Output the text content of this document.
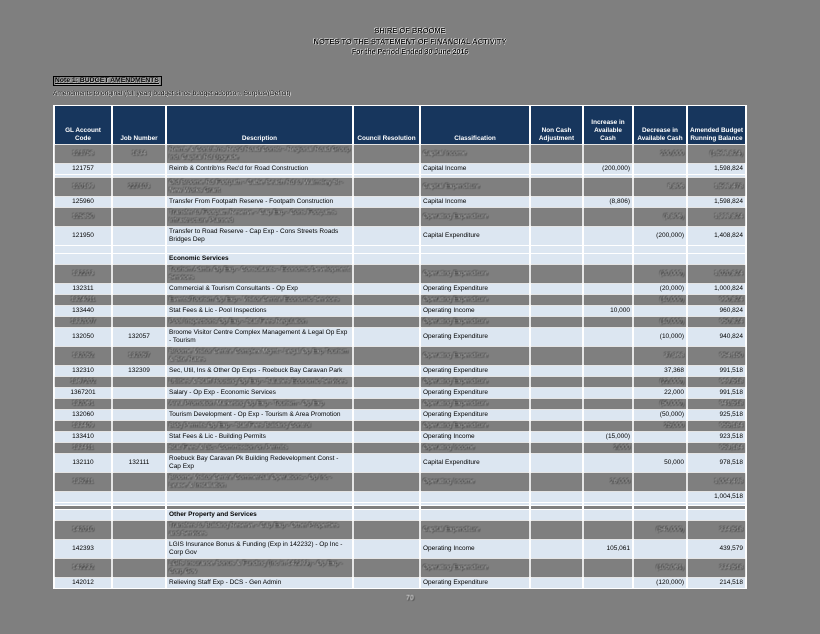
SHIRE OF BROOME
NOTES TO THE STATEMENT OF FINANCIAL ACTIVITY
For the Period Ended 30 June 2016
Note 1: BUDGET AMENDMENTS
Amendments to original (full year) budget since budget adoption. Surplus/(Deficit)
GL Account Code	Job Number	Description	Council Resolution	Classification	Non Cash Adjustment	Increase in Available Cash	Decrease in Available Cash	Amended Budget Running Balance
121758	1834	Reimb & Contrib'ns Rec'd Road Constr - Regional Road Group Ind. Capital Rd Upgrade		Capital Income			200,000	(1,598,824)
121757		Reimb & Contrib'ns Rec'd for Road Construction		Capital Income		(200,000)		1,598,824

120199	227103	Old Broome Rd Footpath - Cable Beach Rd to Walmsley St - New Works Grant		Capital Expenditure			8,806	1,598,478
125960		Transfer From Footpath Reserve - Footpath Construction		Capital Income		(8,806)		1,598,824
125850		Transfer to Footpath Reserve - Cap Exp - Cons Footpaths Infrastructure Planned		Operating Expenditure			(8,806)	1,398,824
121950		Transfer to Road Reserve - Cap Exp - Cons Streets Roads Bridges Dep		Capital Expenditure			(200,000)	1,408,824

		Economic Services						
132203		Tourism Admin Op Exp - Consultants - Economic Development Services		Operating Expenditure			(20,000)	1,020,824
132311		Commercial & Tourism Consultants - Op Exp		Operating Expenditure			(20,000)	1,000,824
1324011		Events/Tourism Op Exp - Visitor Centre Economic Services		Operating Expenditure			(10,000)	990,824
133440		Stat Fees & Lic - Pool Inspections		Operating Income		10,000		960,824
1332007		Pool Inspections Op Exp - Stat Fees Regulation		Operating Expenditure			(10,000)	950,824
132050	132057	Broome Visitor Centre Complex Management & Legal Op Exp - Tourism		Operating Expenditure			(10,000)	940,824
132052	132057	Broome Visitor Centre Complex Mgmt - Legal Op Exp Tourism & Site Rates		Operating Expenditure			37,368	954,150
132310	132309	Sec, Util, Ins & Other Op Exps - Roebuck Bay Caravan Park		Operating Expenditure			37,368	991,518
1367202		Utilities & Staff Housing Op Exp - Salaries Economic Services		Operating Expenditure			(22,000)	969,518
1367201		Salary - Op Exp - Economic Services		Operating Expenditure			22,000	991,518
132061		Area Promotion Marketing Op Exp - Tourism - Op Exp		Operating Expenditure			(50,000)	941,518
132060		Tourism Development - Op Exp - Tourism & Area Promotion		Operating Expenditure			(50,000)	925,518
133409		Bldg Permits Op Exp - Stat Fees Building Control		Operating Expenditure			25,000	955,184
133410		Stat Fees & Lic - Building Permits		Operating Income		(15,000)		923,518
133411		Stat Fees & Lic - Commission on Permits		Operating Income		2,000		953,184
132110	132111	Roebuck Bay Caravan Pk Building Redevelopment Const - Cap Exp		Capital Expenditure			50,000	978,518
135211		Broome Visitor Centre Commercial Operations - Op Inc - Lease & Installation		Operating Income		26,000		1,004,498
								1,004,518

		Other Property and Services						
142010		Transfers to Building Reserve - Cap Exp - Other Properties and Services		Capital Expenditure			(540,000)	334,518
142393		LGIS Insurance Bonus & Funding (Exp in 142232) - Op Inc - Corp Gov		Operating Income		105,061		439,579
142232		LGIS Insurance Bonus & Funding (Inc in 142393) - Op Exp - Corp Gov		Operating Expenditure			(105,061)	334,518
142012		Relieving Staff Exp - DCS - Gen Admin		Operating Expenditure			(120,000)	214,518
70
